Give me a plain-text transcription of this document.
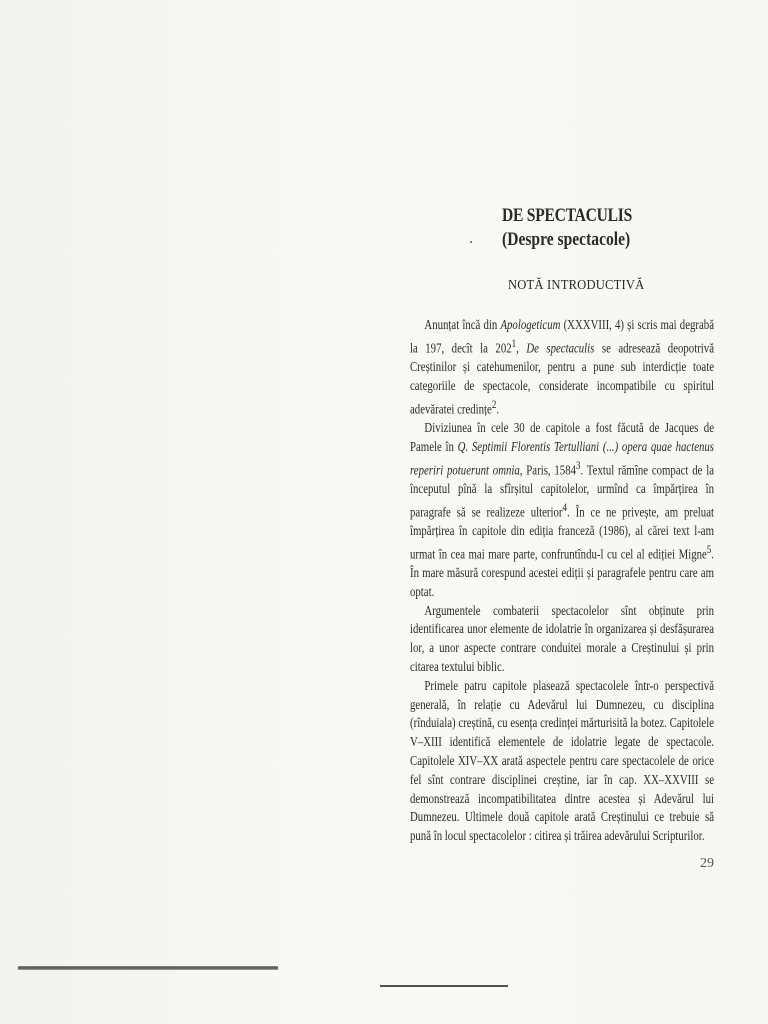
DE SPECTACULIS
(Despre spectacole)
NOTĂ INTRODUCTIVĂ

Anunțat încă din Apologeticum (XXXVIII, 4) și scris mai degrabă la 197, decît la $202^1$, De spectaculis se adresează deopotrivă Creștinilor și catehumenilor, pentru a pune sub interdicție toate categoriile de spectacole, considerate incompatibile cu spiritul adevăratei credințe$^2$.

Diviziunea în cele 30 de capitole a fost făcută de Jacques de Pamele în Q. Septimii Florentis Tertulliani (...) opera quae hactenus reperiri potuerunt omnia, Paris, 1584$^3$. Textul rămîne compact de la începutul pînă la sfîrșitul capitolelor, urmînd ca împărțirea în paragrafe să se realizeze ulterior$^4$. În ce ne privește, am preluat împărțirea în capitole din ediția franceză (1986), al cărei text l-am urmat în cea mai mare parte, confruntîndu-l cu cel al ediției Migne$^5$. În mare măsură corespund acestei ediții și paragrafele pentru care am optat.

Argumentele combaterii spectacolelor sînt obținute prin identificarea unor elemente de idolatrie în organizarea și desfășurarea lor, a unor aspecte contrare conduitei morale a Creștinului și prin citarea textului biblic.

Primele patru capitole plasează spectacolele într-o perspectivă generală, în relație cu Adevărul lui Dumnezeu, cu disciplina (rînduiala) creștină, cu esența credinței mărturisită la botez. Capitolele V–XIII identifică elementele de idolatrie legate de spectacole. Capitolele XIV–XX arată aspectele pentru care spectacolele de orice fel sînt contrare disciplinei creștine, iar în cap. XX–XXVIII se demonstrează incompatibilitatea dintre acestea și Adevărul lui Dumnezeu. Ultimele două capitole arată Creștinului ce trebuie să pună în locul spectacolelor : citirea și trăirea adevărului Scripturilor.

29
